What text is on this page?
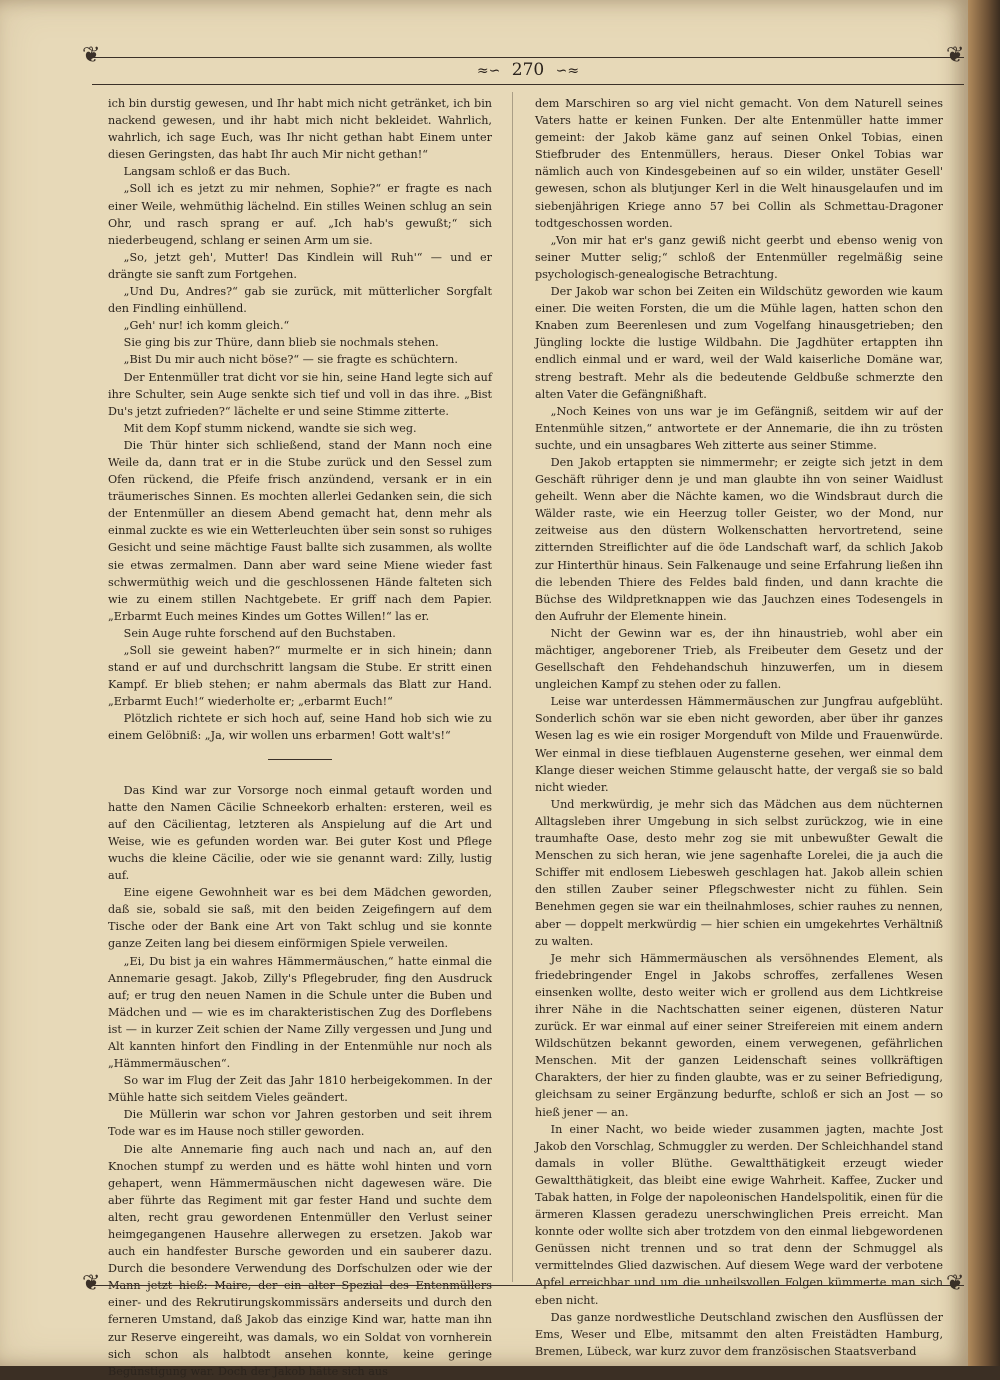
❦	❦
❦	❦
≈∽ 270 ∽≈

ich bin durstig gewesen, und Ihr habt mich nicht getränket, ich bin nackend gewesen, und ihr habt mich nicht bekleidet. Wahrlich, wahrlich, ich sage Euch, was Ihr nicht gethan habt Einem unter diesen Geringsten, das habt Ihr auch Mir nicht gethan!“

Langsam schloß er das Buch.

„Soll ich es jetzt zu mir nehmen, Sophie?“ er fragte es nach einer Weile, wehmüthig lächelnd. Ein stilles Weinen schlug an sein Ohr, und rasch sprang er auf. „Ich hab's gewußt;“ sich niederbeugend, schlang er seinen Arm um sie.

„So, jetzt geh', Mutter! Das Kindlein will Ruh'“ — und er drängte sie sanft zum Fortgehen.

„Und Du, Andres?“ gab sie zurück, mit mütterlicher Sorgfalt den Findling einhüllend.

„Geh' nur! ich komm gleich.“

Sie ging bis zur Thüre, dann blieb sie nochmals stehen.

„Bist Du mir auch nicht böse?“ — sie fragte es schüchtern.

Der Entenmüller trat dicht vor sie hin, seine Hand legte sich auf ihre Schulter, sein Auge senkte sich tief und voll in das ihre. „Bist Du's jetzt zufrieden?“ lächelte er und seine Stimme zitterte.

Mit dem Kopf stumm nickend, wandte sie sich weg.

Die Thür hinter sich schließend, stand der Mann noch eine Weile da, dann trat er in die Stube zurück und den Sessel zum Ofen rückend, die Pfeife frisch anzündend, versank er in ein träumerisches Sinnen. Es mochten allerlei Gedanken sein, die sich der Entenmüller an diesem Abend gemacht hat, denn mehr als einmal zuckte es wie ein Wetterleuchten über sein sonst so ruhiges Gesicht und seine mächtige Faust ballte sich zusammen, als wollte sie etwas zermalmen. Dann aber ward seine Miene wieder fast schwermüthig weich und die geschlossenen Hände falteten sich wie zu einem stillen Nachtgebete. Er griff nach dem Papier. „Erbarmt Euch meines Kindes um Gottes Willen!“ las er.

Sein Auge ruhte forschend auf den Buchstaben.

„Soll sie geweint haben?“ murmelte er in sich hinein; dann stand er auf und durchschritt langsam die Stube. Er stritt einen Kampf. Er blieb stehen; er nahm abermals das Blatt zur Hand. „Erbarmt Euch!“ wiederholte er; „erbarmt Euch!“

Plötzlich richtete er sich hoch auf, seine Hand hob sich wie zu einem Gelöbniß: „Ja, wir wollen uns erbarmen! Gott walt's!“

Das Kind war zur Vorsorge noch einmal getauft worden und hatte den Namen Cäcilie Schneekorb erhalten: ersteren, weil es auf den Cäcilientag, letzteren als Anspielung auf die Art und Weise, wie es gefunden worden war. Bei guter Kost und Pflege wuchs die kleine Cäcilie, oder wie sie genannt ward: Zilly, lustig auf.

Eine eigene Gewohnheit war es bei dem Mädchen geworden, daß sie, sobald sie saß, mit den beiden Zeigefingern auf dem Tische oder der Bank eine Art von Takt schlug und sie konnte ganze Zeiten lang bei diesem einförmigen Spiele verweilen.

„Ei, Du bist ja ein wahres Hämmermäuschen,“ hatte einmal die Annemarie gesagt. Jakob, Zilly's Pflegebruder, fing den Ausdruck auf; er trug den neuen Namen in die Schule unter die Buben und Mädchen und — wie es im charakteristischen Zug des Dorflebens ist — in kurzer Zeit schien der Name Zilly vergessen und Jung und Alt kannten hinfort den Findling in der Entenmühle nur noch als „Hämmermäuschen“.

So war im Flug der Zeit das Jahr 1810 herbeigekommen. In der Mühle hatte sich seitdem Vieles geändert.

Die Müllerin war schon vor Jahren gestorben und seit ihrem Tode war es im Hause noch stiller geworden.

Die alte Annemarie fing auch nach und nach an, auf den Knochen stumpf zu werden und es hätte wohl hinten und vorn gehapert, wenn Hämmermäuschen nicht dagewesen wäre. Die aber führte das Regiment mit gar fester Hand und suchte dem alten, recht grau gewordenen Entenmüller den Verlust seiner heimgegangenen Hausehre allerwegen zu ersetzen. Jakob war auch ein handfester Bursche geworden und ein sauberer dazu. Durch die besondere Verwendung des Dorfschulzen oder wie der Mann jetzt hieß: Maire, der ein alter Spezial des Entenmüllers einer- und des Rekrutirungskommissärs anderseits und durch den ferneren Umstand, daß Jakob das einzige Kind war, hatte man ihn zur Reserve eingereiht, was damals, wo ein Soldat von vornherein sich schon als halbtodt ansehen konnte, keine geringe Begünstigung war. Doch der Jakob hätte sich aus

dem Marschiren so arg viel nicht gemacht. Von dem Naturell seines Vaters hatte er keinen Funken. Der alte Entenmüller hatte immer gemeint: der Jakob käme ganz auf seinen Onkel Tobias, einen Stiefbruder des Entenmüllers, heraus. Dieser Onkel Tobias war nämlich auch von Kindesgebeinen auf so ein wilder, unstäter Gesell' gewesen, schon als blutjunger Kerl in die Welt hinausgelaufen und im siebenjährigen Kriege anno 57 bei Collin als Schmettau-Dragoner todtgeschossen worden.

„Von mir hat er's ganz gewiß nicht geerbt und ebenso wenig von seiner Mutter selig;“ schloß der Entenmüller regelmäßig seine psychologisch-genealogische Betrachtung.

Der Jakob war schon bei Zeiten ein Wildschütz geworden wie kaum einer. Die weiten Forsten, die um die Mühle lagen, hatten schon den Knaben zum Beerenlesen und zum Vogelfang hinausgetrieben; den Jüngling lockte die lustige Wildbahn. Die Jagdhüter ertappten ihn endlich einmal und er ward, weil der Wald kaiserliche Domäne war, streng bestraft. Mehr als die bedeutende Geldbuße schmerzte den alten Vater die Gefängnißhaft.

„Noch Keines von uns war je im Gefängniß, seitdem wir auf der Entenmühle sitzen,“ antwortete er der Annemarie, die ihn zu trösten suchte, und ein unsagbares Weh zitterte aus seiner Stimme.

Den Jakob ertappten sie nimmermehr; er zeigte sich jetzt in dem Geschäft rühriger denn je und man glaubte ihn von seiner Waidlust geheilt. Wenn aber die Nächte kamen, wo die Windsbraut durch die Wälder raste, wie ein Heerzug toller Geister, wo der Mond, nur zeitweise aus den düstern Wolkenschatten hervortretend, seine zitternden Streiflichter auf die öde Landschaft warf, da schlich Jakob zur Hinterthür hinaus. Sein Falkenauge und seine Erfahrung ließen ihn die lebenden Thiere des Feldes bald finden, und dann krachte die Büchse des Wildpretknappen wie das Jauchzen eines Todesengels in den Aufruhr der Elemente hinein.

Nicht der Gewinn war es, der ihn hinaustrieb, wohl aber ein mächtiger, angeborener Trieb, als Freibeuter dem Gesetz und der Gesellschaft den Fehdehandschuh hinzuwerfen, um in diesem ungleichen Kampf zu stehen oder zu fallen.

Leise war unterdessen Hämmermäuschen zur Jungfrau aufgeblüht. Sonderlich schön war sie eben nicht geworden, aber über ihr ganzes Wesen lag es wie ein rosiger Morgenduft von Milde und Frauenwürde. Wer einmal in diese tiefblauen Augensterne gesehen, wer einmal dem Klange dieser weichen Stimme gelauscht hatte, der vergaß sie so bald nicht wieder.

Und merkwürdig, je mehr sich das Mädchen aus dem nüchternen Alltagsleben ihrer Umgebung in sich selbst zurückzog, wie in eine traumhafte Oase, desto mehr zog sie mit unbewußter Gewalt die Menschen zu sich heran, wie jene sagenhafte Lorelei, die ja auch die Schiffer mit endlosem Liebesweh geschlagen hat. Jakob allein schien den stillen Zauber seiner Pflegschwester nicht zu fühlen. Sein Benehmen gegen sie war ein theilnahmloses, schier rauhes zu nennen, aber — doppelt merkwürdig — hier schien ein umgekehrtes Verhältniß zu walten.

Je mehr sich Hämmermäuschen als versöhnendes Element, als friedebringender Engel in Jakobs schroffes, zerfallenes Wesen einsenken wollte, desto weiter wich er grollend aus dem Lichtkreise ihrer Nähe in die Nachtschatten seiner eigenen, düsteren Natur zurück. Er war einmal auf einer seiner Streifereien mit einem andern Wildschützen bekannt geworden, einem verwegenen, gefährlichen Menschen. Mit der ganzen Leidenschaft seines vollkräftigen Charakters, der hier zu finden glaubte, was er zu seiner Befriedigung, gleichsam zu seiner Ergänzung bedurfte, schloß er sich an Jost — so hieß jener — an.

In einer Nacht, wo beide wieder zusammen jagten, machte Jost Jakob den Vorschlag, Schmuggler zu werden. Der Schleichhandel stand damals in voller Blüthe. Gewaltthätigkeit erzeugt wieder Gewaltthätigkeit, das bleibt eine ewige Wahrheit. Kaffee, Zucker und Tabak hatten, in Folge der napoleonischen Handelspolitik, einen für die ärmeren Klassen geradezu unerschwinglichen Preis erreicht. Man konnte oder wollte sich aber trotzdem von den einmal liebgewordenen Genüssen nicht trennen und so trat denn der Schmuggel als vermittelndes Glied dazwischen. Auf diesem Wege ward der verbotene Apfel erreichbar und um die unheilsvollen Folgen kümmerte man sich eben nicht.

Das ganze nordwestliche Deutschland zwischen den Ausflüssen der Ems, Weser und Elbe, mitsammt den alten Freistädten Hamburg, Bremen, Lübeck, war kurz zuvor dem französischen Staatsverband
